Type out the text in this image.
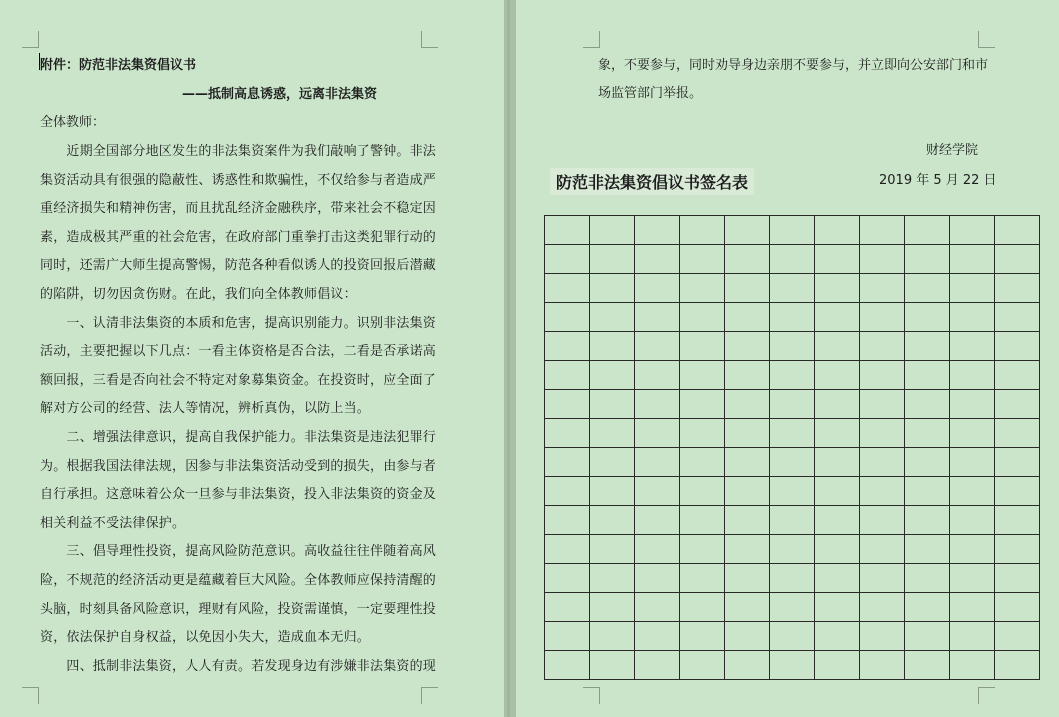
附件：防范非法集资倡议书
——抵制高息诱惑，远离非法集资
全体教师：
　　近期全国部分地区发生的非法集资案件为我们敲响了警钟。非法
集资活动具有很强的隐蔽性、诱惑性和欺骗性，不仅给参与者造成严
重经济损失和精神伤害，而且扰乱经济金融秩序，带来社会不稳定因
素，造成极其严重的社会危害，在政府部门重拳打击这类犯罪行动的
同时，还需广大师生提高警惕，防范各种看似诱人的投资回报后潜藏
的陷阱，切勿因贪伤财。在此，我们向全体教师倡议：
　　一、认清非法集资的本质和危害，提高识别能力。识别非法集资
活动，主要把握以下几点：一看主体资格是否合法，二看是否承诺高
额回报，三看是否向社会不特定对象募集资金。在投资时，应全面了
解对方公司的经营、法人等情况，辨析真伪，以防上当。
　　二、增强法律意识，提高自我保护能力。非法集资是违法犯罪行
为。根据我国法律法规，因参与非法集资活动受到的损失，由参与者
自行承担。这意味着公众一旦参与非法集资，投入非法集资的资金及
相关利益不受法律保护。
　　三、倡导理性投资，提高风险防范意识。高收益往往伴随着高风
险，不规范的经济活动更是蕴藏着巨大风险。全体教师应保持清醒的
头脑，时刻具备风险意识，理财有风险，投资需谨慎，一定要理性投
资，依法保护自身权益，以免因小失大，造成血本无归。
　　四、抵制非法集资，人人有责。若发现身边有涉嫌非法集资的现
象，不要参与，同时劝导身边亲朋不要参与，并立即向公安部门和市
场监管部门举报。
财经学院
2019 年 5 月 22 日
防范非法集资倡议书签名表
